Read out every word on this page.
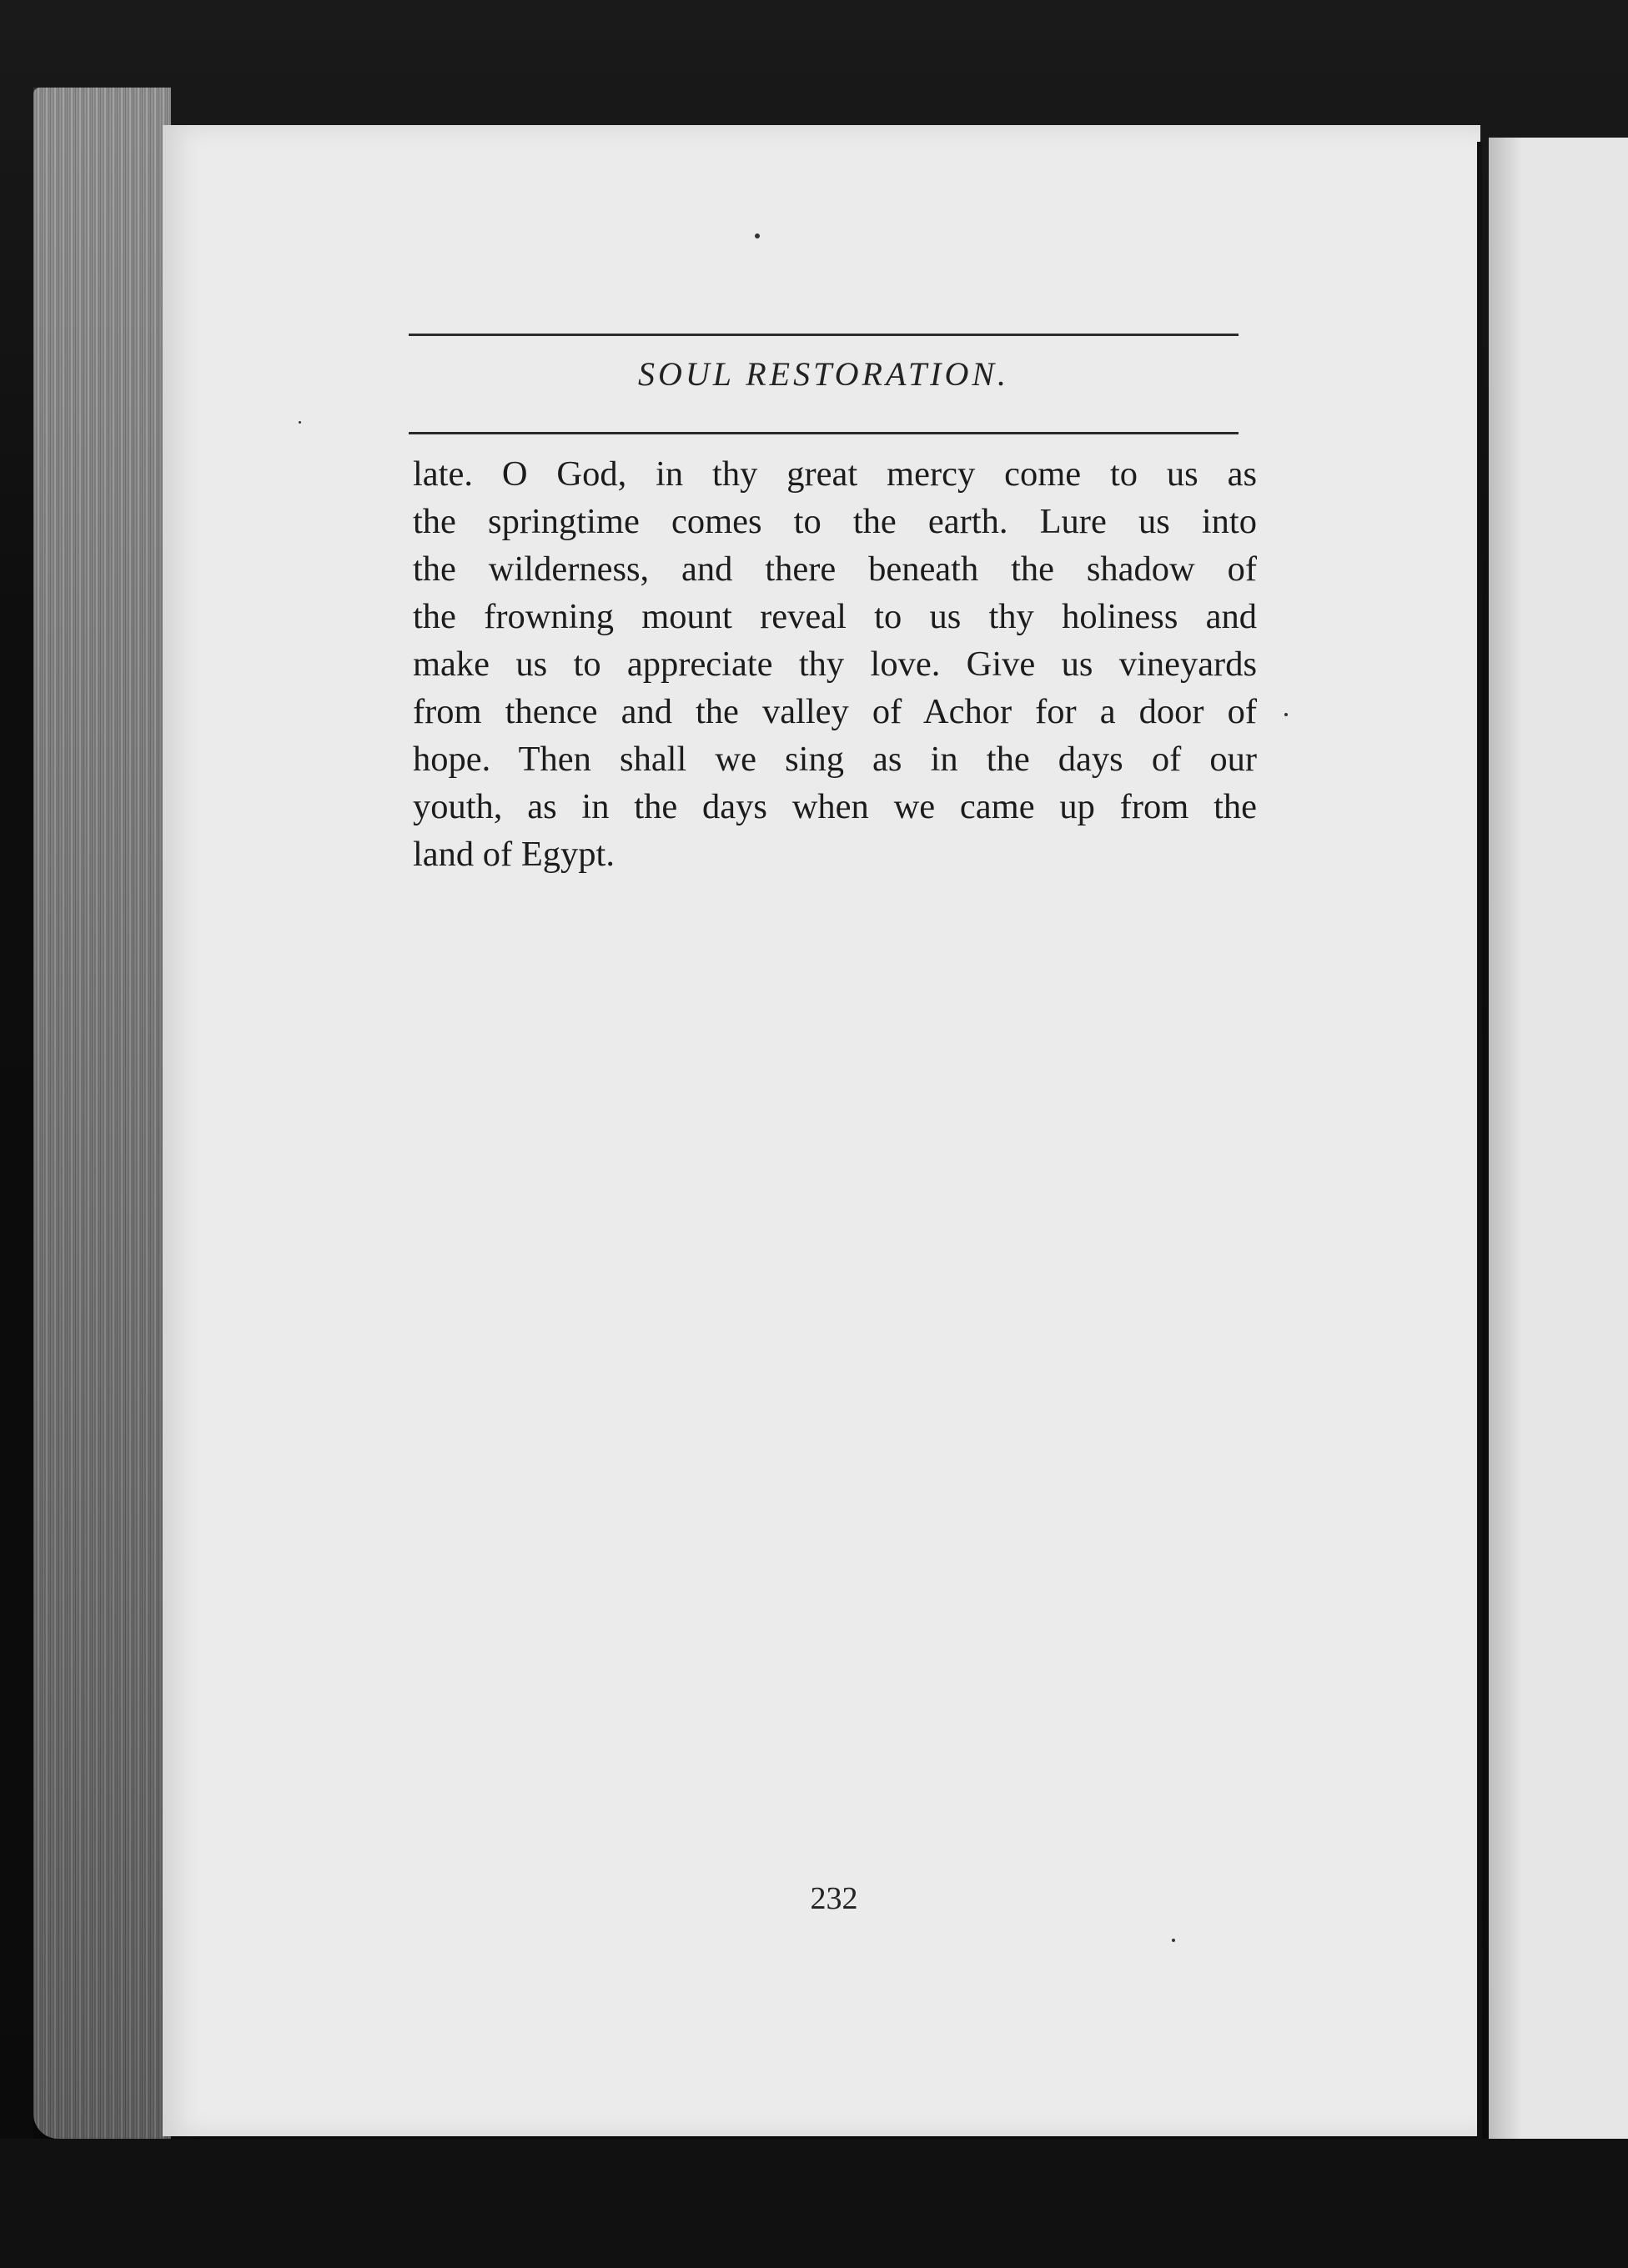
SOUL RESTORATION.
late. O God, in thy great mercy come to us as
the springtime comes to the earth. Lure us into
the wilderness, and there beneath the shadow of
the frowning mount reveal to us thy holiness and
make us to appreciate thy love. Give us vineyards
from thence and the valley of Achor for a door of
hope. Then shall we sing as in the days of our
youth, as in the days when we came up from the
land of Egypt.
232
